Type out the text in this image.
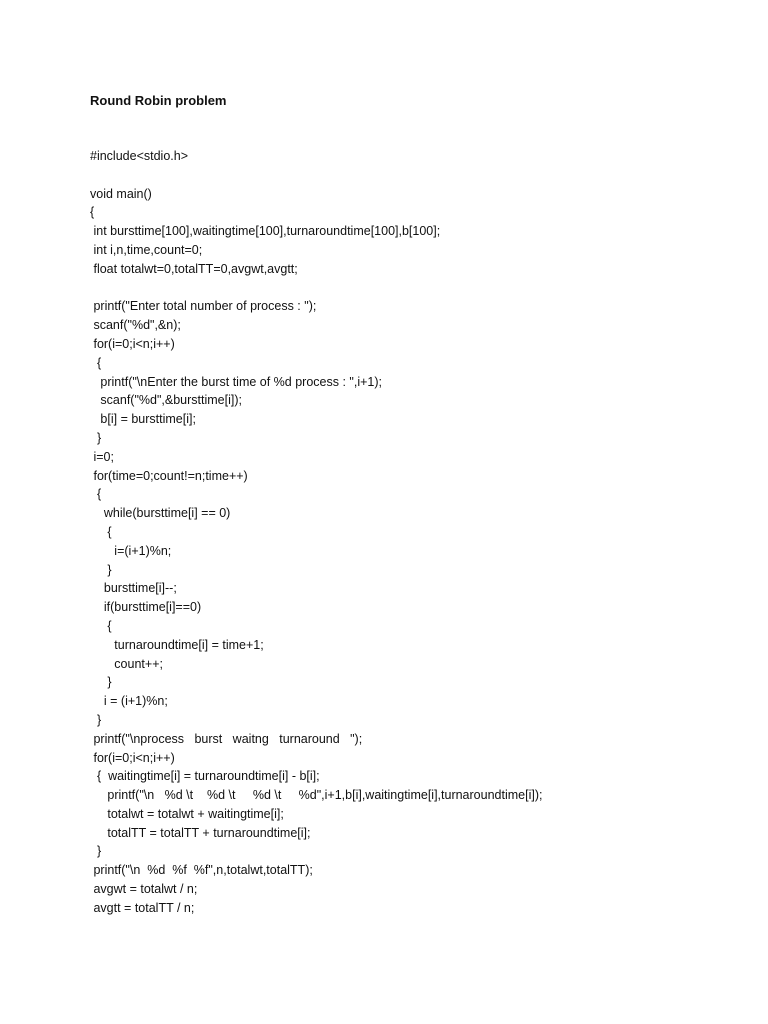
Round Robin problem
#include<stdio.h>
void main()
{
int bursttime[100],waitingtime[100],turnaroundtime[100],b[100];
int i,n,time,count=0;
float totalwt=0,totalTT=0,avgwt,avgtt;
printf("Enter total number of process : ");
scanf("%d",&n);
for(i=0;i<n;i++)
{
printf("\nEnter the burst time of %d process : ",i+1);
scanf("%d",&bursttime[i]);
b[i] = bursttime[i];
}
i=0;
for(time=0;count!=n;time++)
{
while(bursttime[i] == 0)
{
i=(i+1)%n;
}
bursttime[i]--;
if(bursttime[i]==0)
{
turnaroundtime[i] = time+1;
count++;
}
i = (i+1)%n;
}
printf("\nprocess   burst   waitng   turnaround   ");
for(i=0;i<n;i++)
{  waitingtime[i] = turnaroundtime[i] - b[i];
printf("\n   %d \t    %d \t     %d \t     %d",i+1,b[i],waitingtime[i],turnaroundtime[i]);
totalwt = totalwt + waitingtime[i];
totalTT = totalTT + turnaroundtime[i];
}
printf("\n  %d  %f  %f",n,totalwt,totalTT);
avgwt = totalwt / n;
avgtt = totalTT / n;
